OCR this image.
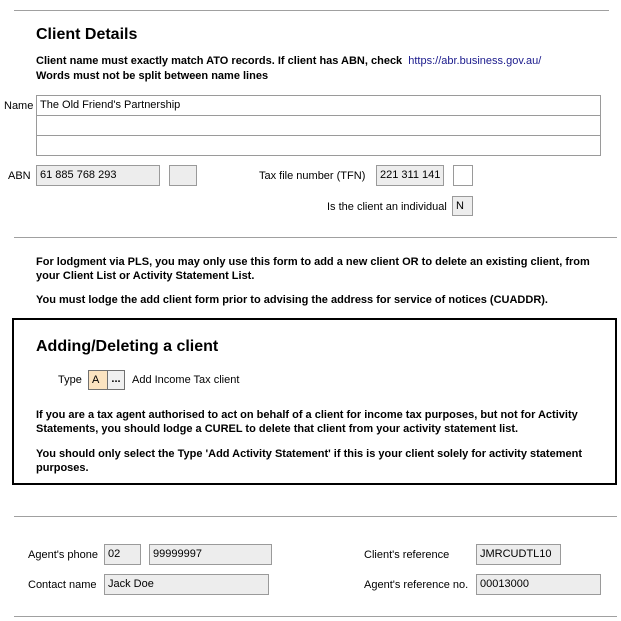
Client Details
Client name must exactly match ATO records. If client has ABN, check https://abr.business.gov.au/
Words must not be split between name lines
Name The Old Friend's Partnership
ABN 61 885 768 293	Tax file number (TFN)	221 311 141
Is the client an individual N
For lodgment via PLS, you may only use this form to add a new client OR to delete an existing client, from your Client List or Activity Statement List.
You must lodge the add client form prior to advising the address for service of notices (CUADDR).
Adding/Deleting a client
Type A	...	Add Income Tax client
If you are a tax agent authorised to act on behalf of a client for income tax purposes, but not for Activity Statements, you should lodge a CUREL to delete that client from your activity statement list.
You should only select the Type 'Add Activity Statement' if this is your client solely for activity statement purposes.
Agent's phone 02	99999997
Contact name	Jack Doe
Client's reference	JMRCUDTL10
Agent's reference no.	00013000
